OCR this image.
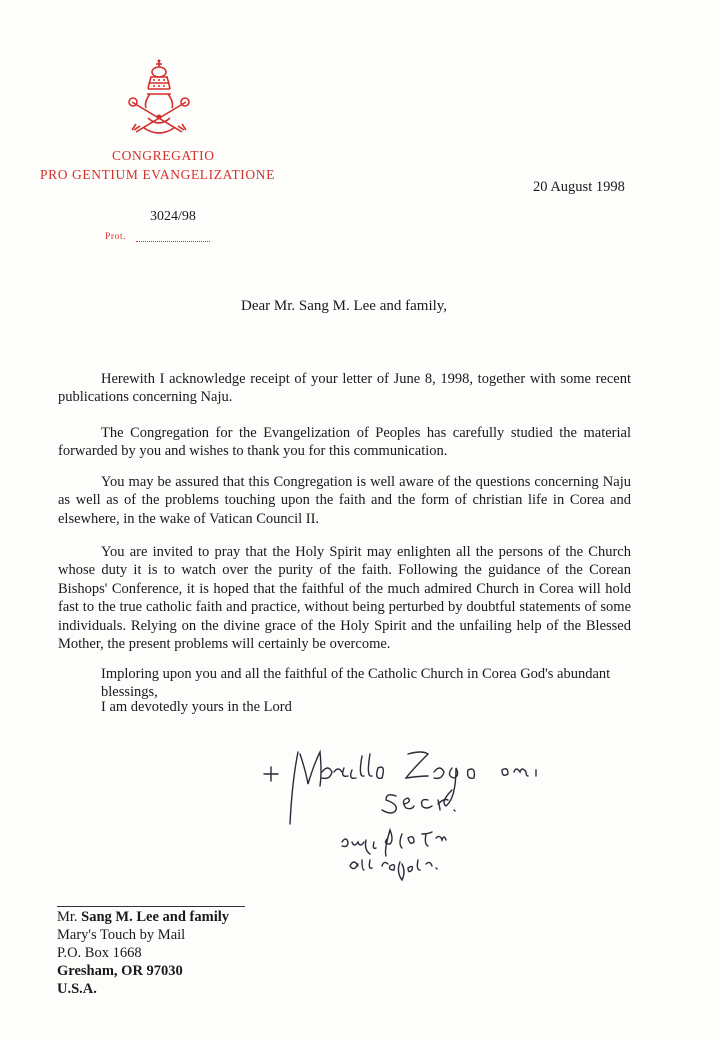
CONGREGATIO
PRO GENTIUM EVANGELIZATIONE
20 August 1998
3024/98
Prot.
Dear Mr. Sang M. Lee and family,

Herewith I acknowledge receipt of your letter of June 8, 1998, together with some recent publications concerning Naju.

The Congregation for the Evangelization of Peoples has carefully studied the material forwarded by you and wishes to thank you for this communication.

You may be assured that this Congregation is well aware of the questions concerning Naju as well as of the problems touching upon the faith and the form of christian life in Corea and elsewhere, in the wake of Vatican Council II.

You are invited to pray that the Holy Spirit may enlighten all the persons of the Church whose duty it is to watch over the purity of the faith. Following the guidance of the Corean Bishops' Conference, it is hoped that the faithful of the much admired Church in Corea will hold fast to the true catholic faith and practice, without being perturbed by doubtful statements of some individuals. Relying on the divine grace of the Holy Spirit and the unfailing help of the Blessed Mother, the present problems will certainly be overcome.

Imploring upon you and all the faithful of the Catholic Church in Corea God's abundant blessings,
I am devotedly yours in the Lord
Mr. Sang M. Lee and family
Mary's Touch by Mail
P.O. Box 1668
Gresham, OR 97030
U.S.A.
